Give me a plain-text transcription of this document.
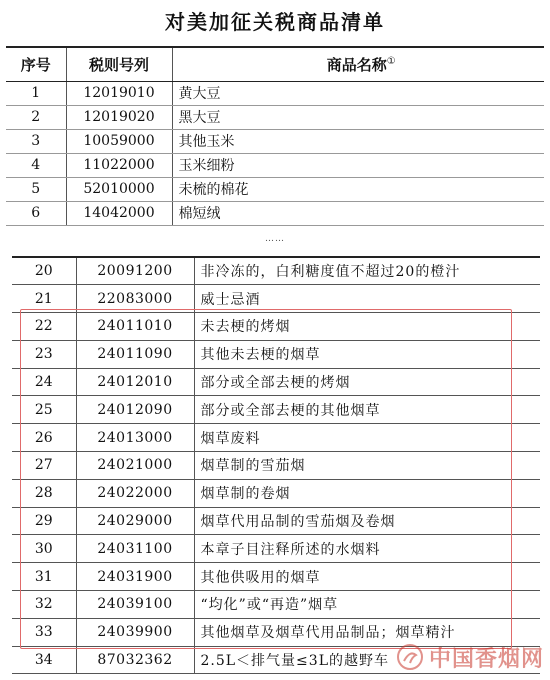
对美加征关税商品清单
序号	税则号列	商品名称①
1	12019010	黄大豆
2	12019020	黑大豆
3	10059000	其他玉米
4	11022000	玉米细粉
5	52010000	未梳的棉花
6	14042000	棉短绒
……
20	20091200	非冷冻的，白利糖度值不超过20的橙汁
21	22083000	威士忌酒
22	24011010	未去梗的烤烟
23	24011090	其他未去梗的烟草
24	24012010	部分或全部去梗的烤烟
25	24012090	部分或全部去梗的其他烟草
26	24013000	烟草废料
27	24021000	烟草制的雪茄烟
28	24022000	烟草制的卷烟
29	24029000	烟草代用品制的雪茄烟及卷烟
30	24031100	本章子目注释所述的水烟料
31	24031900	其他供吸用的烟草
32	24039100	“均化”或“再造”烟草
33	24039900	其他烟草及烟草代用品制品；烟草精汁
34	87032362	2.5L＜排气量≤3L的越野车 中国香烟网
